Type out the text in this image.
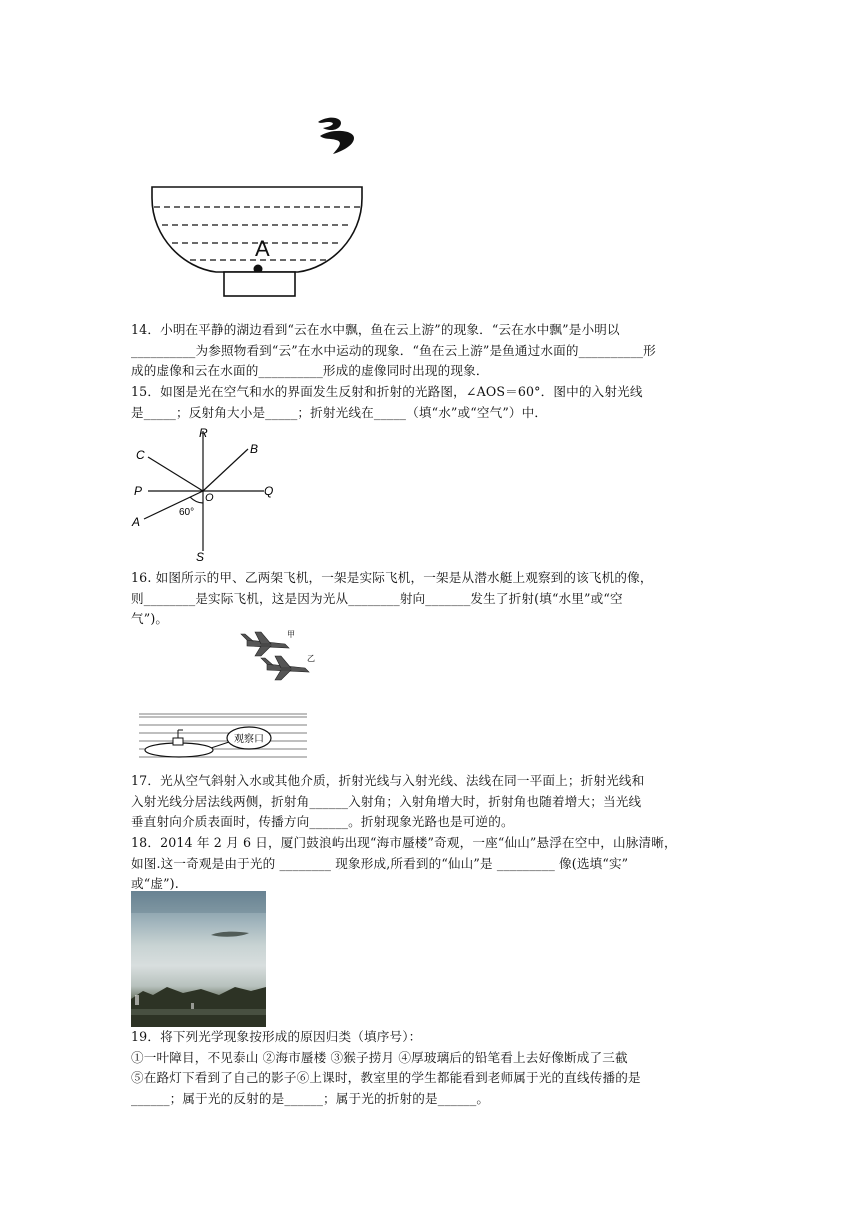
A

14．小明在平静的湖边看到“云在水中飘，鱼在云上游”的现象．“云在水中飘”是小明以

__________为参照物看到“云”在水中运动的现象．“鱼在云上游”是鱼通过水面的__________形

成的虚像和云在水面的__________形成的虚像同时出现的现象．

15．如图是光在空气和水的界面发生反射和折射的光路图，∠AOS＝60°．图中的入射光线

是_____；反射角大小是_____；折射光线在_____（填“水”或“空气”）中．

R
B
C
P	O	Q
A
60°
S

16. 如图所示的甲、乙两架飞机，一架是实际飞机，一架是从潜水艇上观察到的该飞机的像，

则________是实际飞机，这是因为光从________射向_______发生了折射(填“水里”或“空

气”)。

甲
乙
观察口

17．光从空气斜射入水或其他介质，折射光线与入射光线、法线在同一平面上；折射光线和

入射光线分居法线两侧，折射角______入射角；入射角增大时，折射角也随着增大；当光线

垂直射向介质表面时，传播方向______。折射现象光路也是可逆的。

18．2014 年 2 月 6 日，厦门鼓浪屿出现“海市蜃楼”奇观，一座“仙山”悬浮在空中，山脉清晰，

如图.这一奇观是由于光的 ________ 现象形成,所看到的“仙山”是 _________ 像(选填“实”

或“虚”).

19．将下列光学现象按形成的原因归类（填序号）：

①一叶障目，不见泰山 ②海市蜃楼 ③猴子捞月 ④厚玻璃后的铅笔看上去好像断成了三截

⑤在路灯下看到了自己的影子⑥上课时，教室里的学生都能看到老师属于光的直线传播的是

______；属于光的反射的是______；属于光的折射的是______。
